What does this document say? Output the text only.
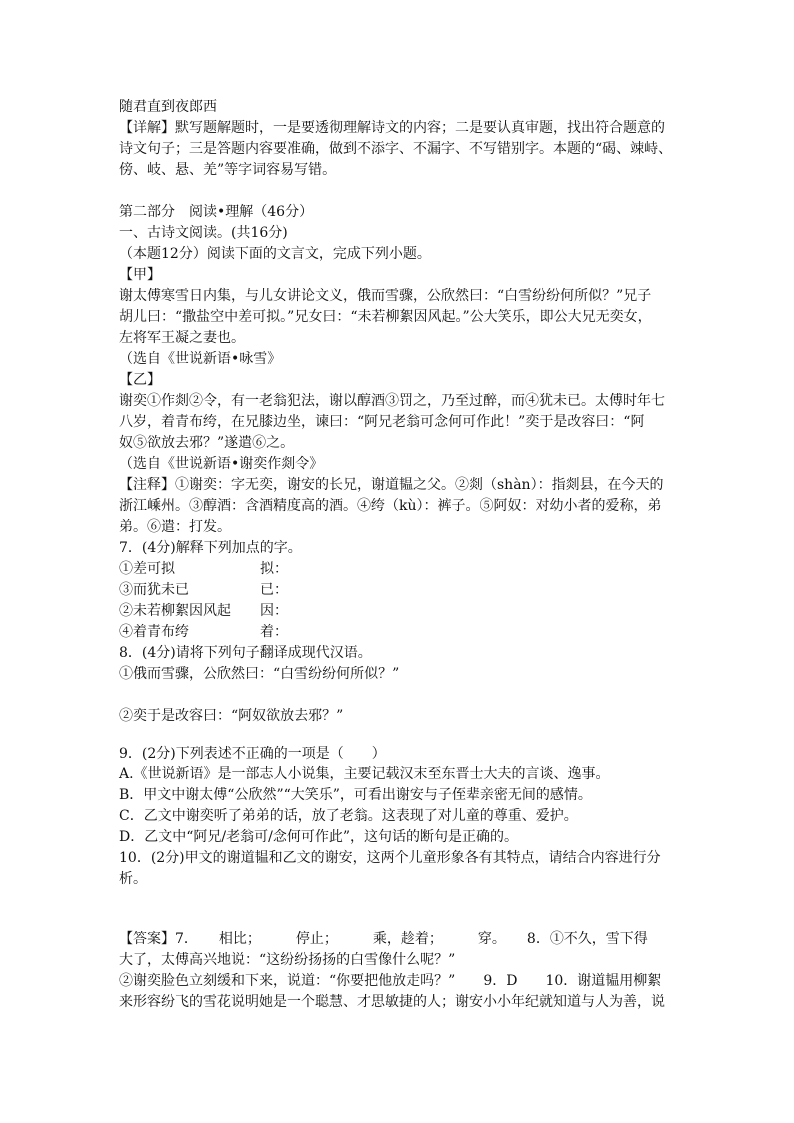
随君直到夜郎西
【详解】默写题解题时，一是要透彻理解诗文的内容；二是要认真审题，找出符合题意的
诗文句子；三是答题内容要准确，做到不添字、不漏字、不写错别字。本题的“碣、竦峙、
傍、岐、悬、羌”等字词容易写错。
第二部分　阅读•理解（46分）
一、古诗文阅读。(共16分)
（本题12分）阅读下面的文言文，完成下列小题。
【甲】
谢太傅寒雪日内集，与儿女讲论文义，俄而雪骤，公欣然曰：“白雪纷纷何所似？”兄子
胡儿曰：“撒盐空中差可拟。”兄女曰：“未若柳絮因风起。”公大笑乐，即公大兄无奕女，
左将军王凝之妻也。
（选自《世说新语•咏雪》
【乙】
谢奕①作剡②令，有一老翁犯法，谢以醇酒③罚之，乃至过醉，而④犹未已。太傅时年七
八岁，着青布绔，在兄膝边坐，谏曰：“阿兄老翁可念何可作此！”奕于是改容曰：“阿
奴⑤欲放去邪？”遂遣⑥之。
（选自《世说新语•谢奕作剡令》
【注释】①谢奕：字无奕，谢安的长兄，谢道韫之父。②剡（shàn）：指剡县，在今天的
浙江嵊州。③醇酒：含酒精度高的酒。④绔（kù）：裤子。⑤阿奴：对幼小者的爱称，弟
弟。⑥遣：打发。
7．(4分)解释下列加点的字。
①差可拟	拟：
③而犹未已	已：
②未若柳絮因风起 因：
④着青布绔	着：
8．(4分)请将下列句子翻译成现代汉语。
①俄而雪骤，公欣然曰：“白雪纷纷何所似？”
②奕于是改容曰：“阿奴欲放去邪？”
9．(2分)下列表述不正确的一项是（　　）
A.《世说新语》是一部志人小说集，主要记载汉末至东晋士大夫的言谈、逸事。
B．甲文中谢太傅“公欣然”“大笑乐”，可看出谢安与子侄辈亲密无间的感情。
C．乙文中谢奕听了弟弟的话，放了老翁。这表现了对儿童的尊重、爱护。
D．乙文中“阿兄/老翁可/念何可作此”，这句话的断句是正确的。
10．(2分)甲文的谢道韫和乙文的谢安，这两个儿童形象各有其特点，请结合内容进行分
析。
【答案】7．　　相比；　　　停止；　　　乘，趁着；　　　穿。　　8．①不久，雪下得
大了，太傅高兴地说：“这纷纷扬扬的白雪像什么呢？”
②谢奕脸色立刻缓和下来，说道：“你要把他放走吗？”　　9．D　　10．谢道韫用柳絮
来形容纷飞的雪花说明她是一个聪慧、才思敏捷的人；谢安小小年纪就知道与人为善，说
